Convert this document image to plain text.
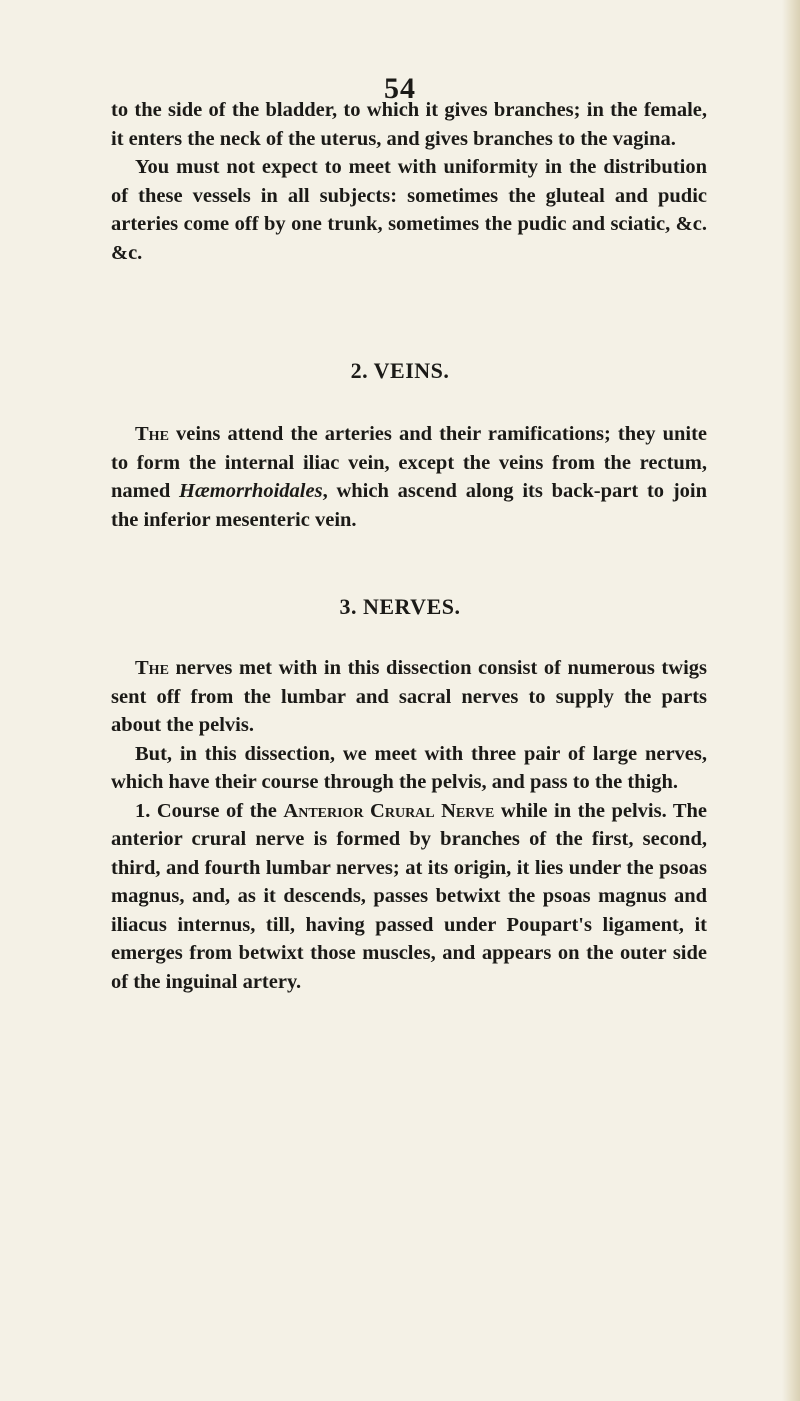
54

to the side of the bladder, to which it gives branches; in the female, it enters the neck of the uterus, and gives branches to the vagina.

You must not expect to meet with uniformity in the distribution of these vessels in all subjects: sometimes the gluteal and pudic arteries come off by one trunk, sometimes the pudic and sciatic, &c. &c.

2. VEINS.

The veins attend the arteries and their ramifications; they unite to form the internal iliac vein, except the veins from the rectum, named Hæmorrhoidales, which ascend along its back-part to join the inferior mesenteric vein.

3. NERVES.

The nerves met with in this dissection consist of numerous twigs sent off from the lumbar and sacral nerves to supply the parts about the pelvis.

But, in this dissection, we meet with three pair of large nerves, which have their course through the pelvis, and pass to the thigh.

1. Course of the Anterior Crural Nerve while in the pelvis. The anterior crural nerve is formed by branches of the first, second, third, and fourth lumbar nerves; at its origin, it lies under the psoas magnus, and, as it descends, passes betwixt the psoas magnus and iliacus internus, till, having passed under Poupart's ligament, it emerges from betwixt those muscles, and appears on the outer side of the inguinal artery.
